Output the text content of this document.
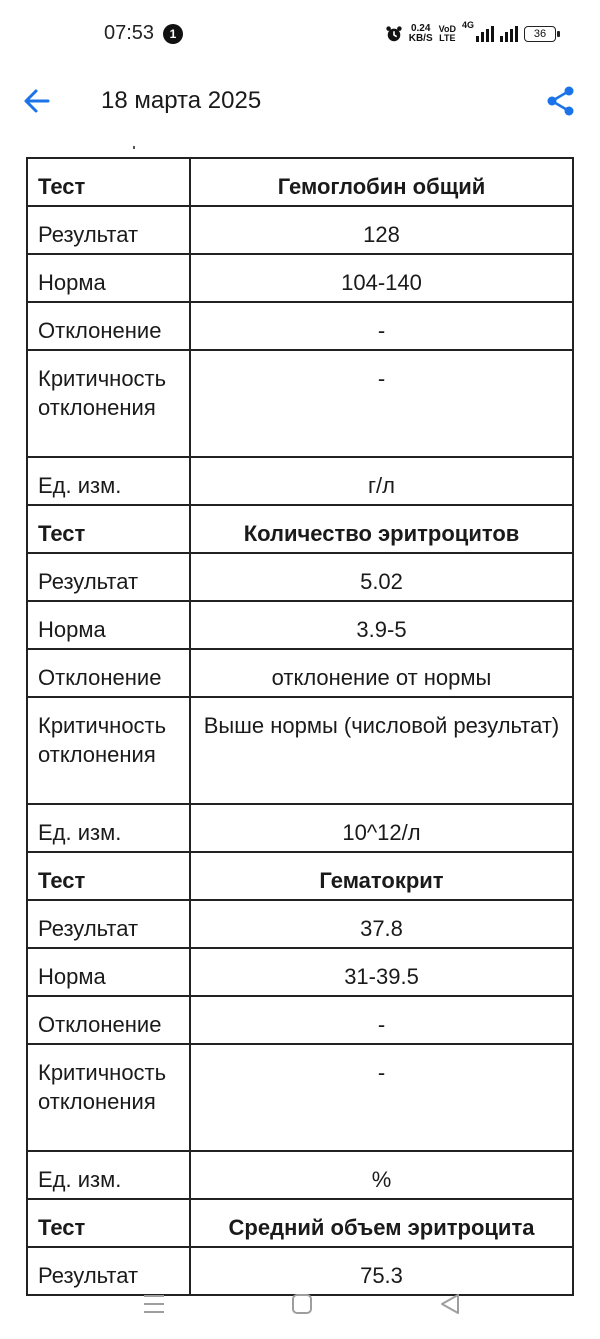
07:53	1	0.24
KB/S
VoD
LTE
4G
36
18 марта 2025
Тест	Гемоглобин общий
Результат	128
Норма	104-140
Отклонение	-
Критичность отклонения	-
Ед. изм.	г/л
Тест	Количество эритроцитов
Результат	5.02
Норма	3.9-5
Отклонение	отклонение от нормы
Критичность отклонения	Выше нормы (числовой результат)
Ед. изм.	10^12/л
Тест	Гематокрит
Результат	37.8
Норма	31-39.5
Отклонение	-
Критичность отклонения	-
Ед. изм.	%
Тест	Средний объем эритроцита
Результат	75.3
